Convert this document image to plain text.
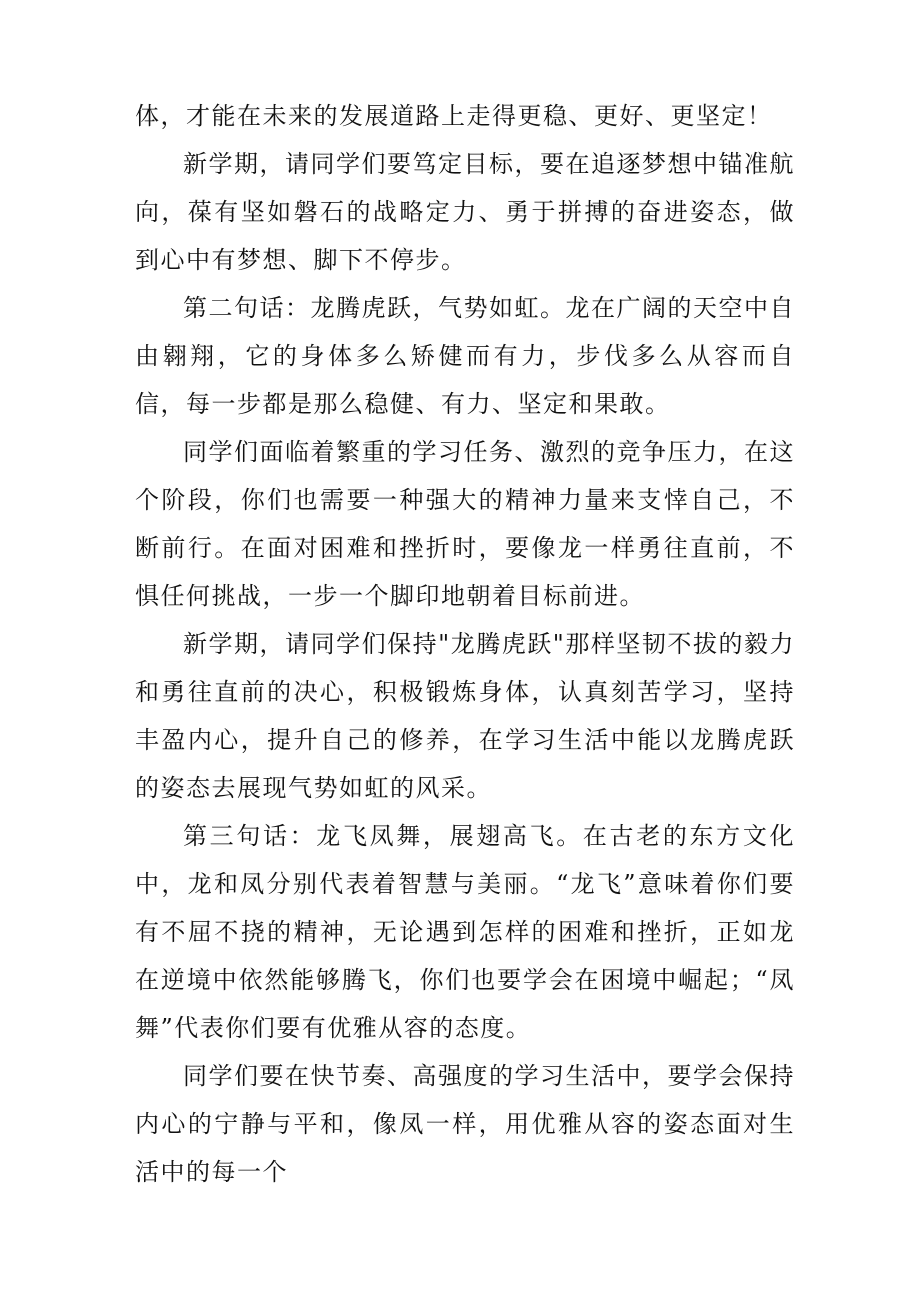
体，才能在未来的发展道路上走得更稳、更好、更坚定！

新学期，请同学们要笃定目标，要在追逐梦想中锚准航向，葆有坚如磐石的战略定力、勇于拼搏的奋进姿态，做到心中有梦想、脚下不停步。

第二句话：龙腾虎跃，气势如虹。龙在广阔的天空中自由翱翔，它的身体多么矫健而有力，步伐多么从容而自信，每一步都是那么稳健、有力、坚定和果敢。

同学们面临着繁重的学习任务、激烈的竞争压力，在这个阶段，你们也需要一种强大的精神力量来支悻自己，不断前行。在面对困难和挫折时，要像龙一样勇往直前，不惧任何挑战，一步一个脚印地朝着目标前进。

新学期，请同学们保持"龙腾虎跃"那样坚韧不拔的毅力和勇往直前的决心，积极锻炼身体，认真刻苦学习，坚持丰盈内心，提升自己的修养，在学习生活中能以龙腾虎跃的姿态去展现气势如虹的风采。

第三句话：龙飞凤舞，展翅高飞。在古老的东方文化中，龙和凤分别代表着智慧与美丽。“龙飞”意味着你们要有不屈不挠的精神，无论遇到怎样的困难和挫折，正如龙在逆境中依然能够腾飞，你们也要学会在困境中崛起；“凤舞”代表你们要有优雅从容的态度。

同学们要在快节奏、高强度的学习生活中，要学会保持内心的宁静与平和，像凤一样，用优雅从容的姿态面对生活中的每一个
